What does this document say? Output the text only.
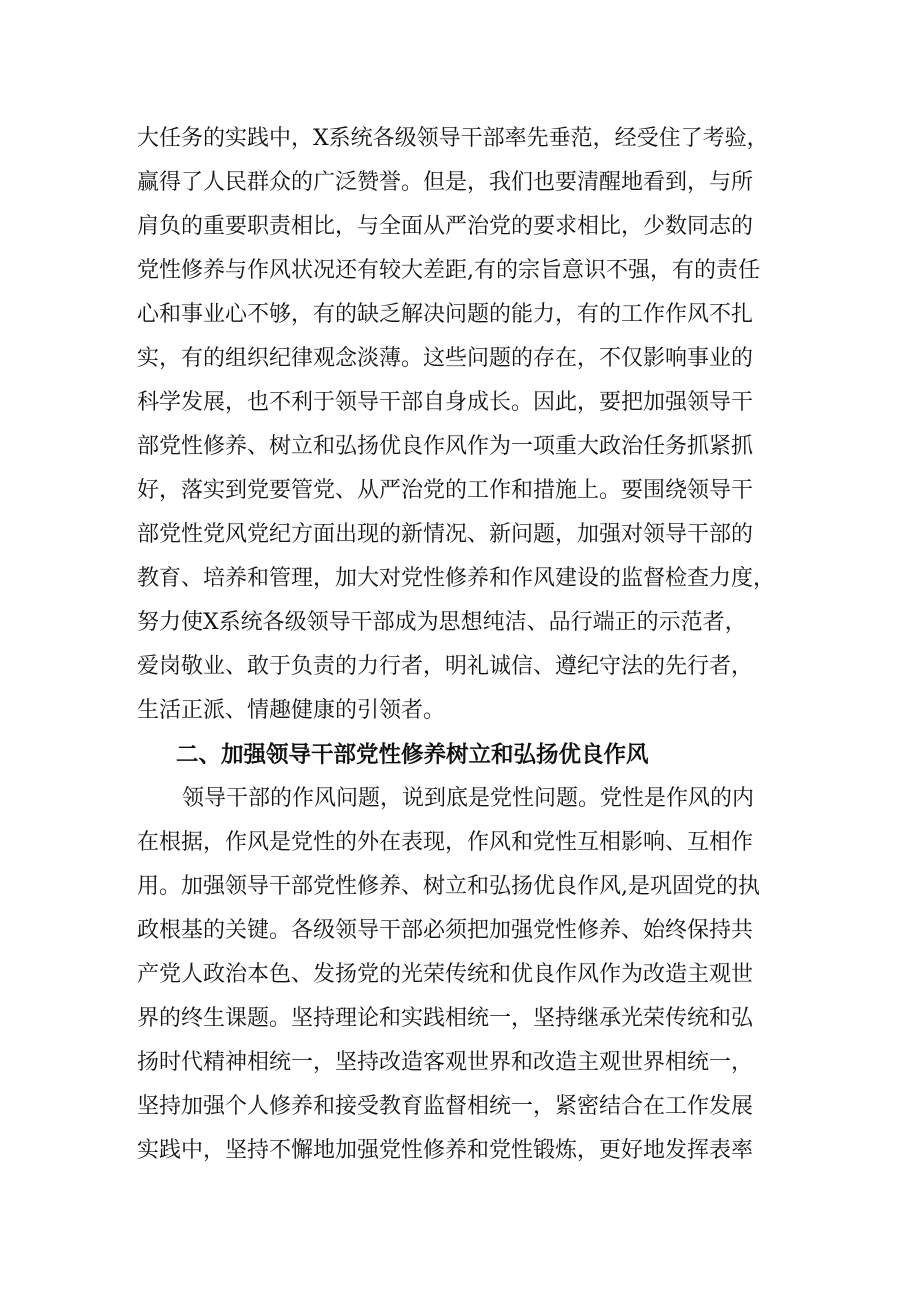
大任务的实践中，X系统各级领导干部率先垂范，经受住了考验，
赢得了人民群众的广泛赞誉。但是，我们也要清醒地看到，与所
肩负的重要职责相比，与全面从严治党的要求相比，少数同志的
党性修养与作风状况还有较大差距,有的宗旨意识不强，有的责任
心和事业心不够，有的缺乏解决问题的能力，有的工作作风不扎
实，有的组织纪律观念淡薄。这些问题的存在，不仅影响事业的
科学发展，也不利于领导干部自身成长。因此，要把加强领导干
部党性修养、树立和弘扬优良作风作为一项重大政治任务抓紧抓
好，落实到党要管党、从严治党的工作和措施上。要围绕领导干
部党性党风党纪方面出现的新情况、新问题，加强对领导干部的
教育、培养和管理，加大对党性修养和作风建设的监督检查力度，
努力使X系统各级领导干部成为思想纯洁、品行端正的示范者，
爱岗敬业、敢于负责的力行者，明礼诚信、遵纪守法的先行者，
生活正派、情趣健康的引领者。
二、加强领导干部党性修养树立和弘扬优良作风
领导干部的作风问题，说到底是党性问题。党性是作风的内
在根据，作风是党性的外在表现，作风和党性互相影响、互相作
用。加强领导干部党性修养、树立和弘扬优良作风,是巩固党的执
政根基的关键。各级领导干部必须把加强党性修养、始终保持共
产党人政治本色、发扬党的光荣传统和优良作风作为改造主观世
界的终生课题。坚持理论和实践相统一，坚持继承光荣传统和弘
扬时代精神相统一，坚持改造客观世界和改造主观世界相统一，
坚持加强个人修养和接受教育监督相统一，紧密结合在工作发展
实践中，坚持不懈地加强党性修养和党性锻炼，更好地发挥表率
